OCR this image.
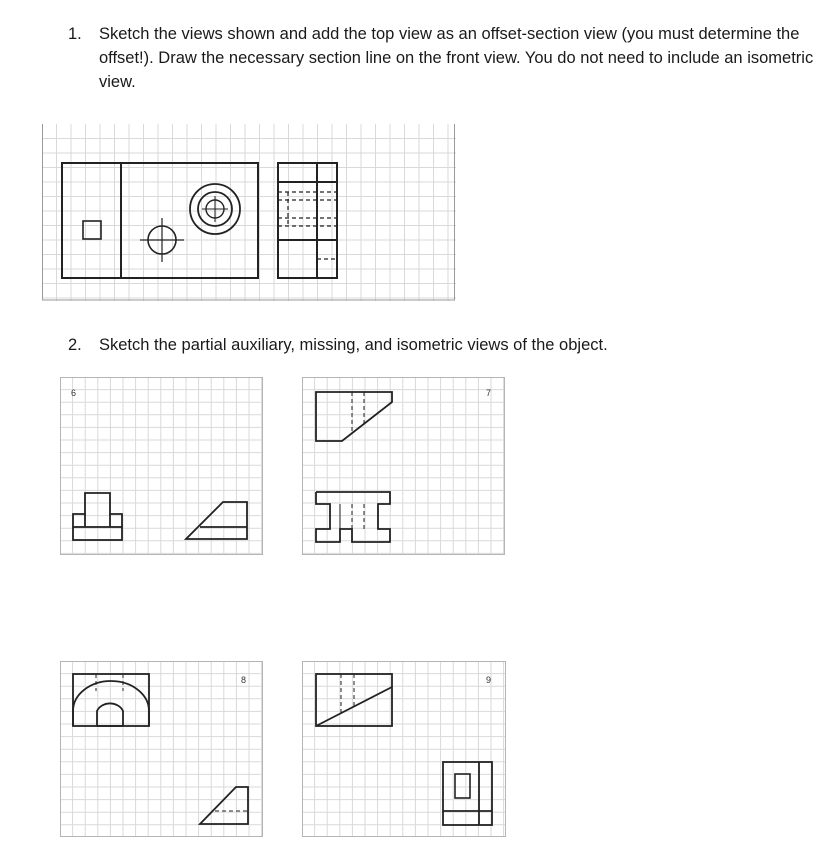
1. Sketch the views shown and add the top view as an offset-section view (you must determine the offset!). Draw the necessary section line on the front view. You do not need to include an isometric view.
2. Sketch the partial auxiliary, missing, and isometric views of the object.
6	7
8	9
